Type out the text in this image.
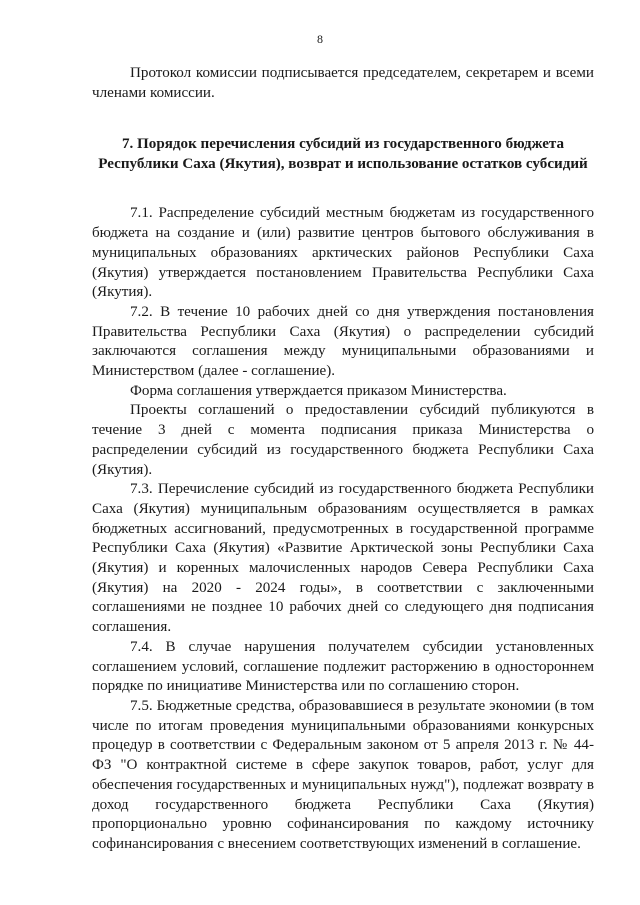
8

Протокол комиссии подписывается председателем, секретарем и всеми членами комиссии.

7. Порядок перечисления субсидий из государственного бюджета
Республики Саха (Якутия), возврат и использование остатков субсидий

7.1. Распределение субсидий местным бюджетам из государственного бюджета на создание и (или) развитие центров бытового обслуживания в муниципальных образованиях арктических районов Республики Саха (Якутия) утверждается постановлением Правительства Республики Саха (Якутия).

7.2. В течение 10 рабочих дней со дня утверждения постановления Правительства Республики Саха (Якутия) о распределении субсидий заключаются соглашения между муниципальными образованиями и Министерством (далее - соглашение).

Форма соглашения утверждается приказом Министерства.

Проекты соглашений о предоставлении субсидий публикуются в течение 3 дней с момента подписания приказа Министерства о распределении субсидий из государственного бюджета Республики Саха (Якутия).

7.3. Перечисление субсидий из государственного бюджета Республики Саха (Якутия) муниципальным образованиям осуществляется в рамках бюджетных ассигнований, предусмотренных в государственной программе Республики Саха (Якутия) «Развитие Арктической зоны Республики Саха (Якутия) и коренных малочисленных народов Севера Республики Саха (Якутия) на 2020 - 2024 годы», в соответствии с заключенными соглашениями не позднее 10 рабочих дней со следующего дня подписания соглашения.

7.4. В случае нарушения получателем субсидии установленных соглашением условий, соглашение подлежит расторжению в одностороннем порядке по инициативе Министерства или по соглашению сторон.

7.5. Бюджетные средства, образовавшиеся в результате экономии (в том числе по итогам проведения муниципальными образованиями конкурсных процедур в соответствии с Федеральным законом от 5 апреля 2013 г. № 44-ФЗ "О контрактной системе в сфере закупок товаров, работ, услуг для обеспечения государственных и муниципальных нужд"), подлежат возврату в доход государственного бюджета Республики Саха (Якутия) пропорционально уровню софинансирования по каждому источнику софинансирования с внесением соответствующих изменений в соглашение.
